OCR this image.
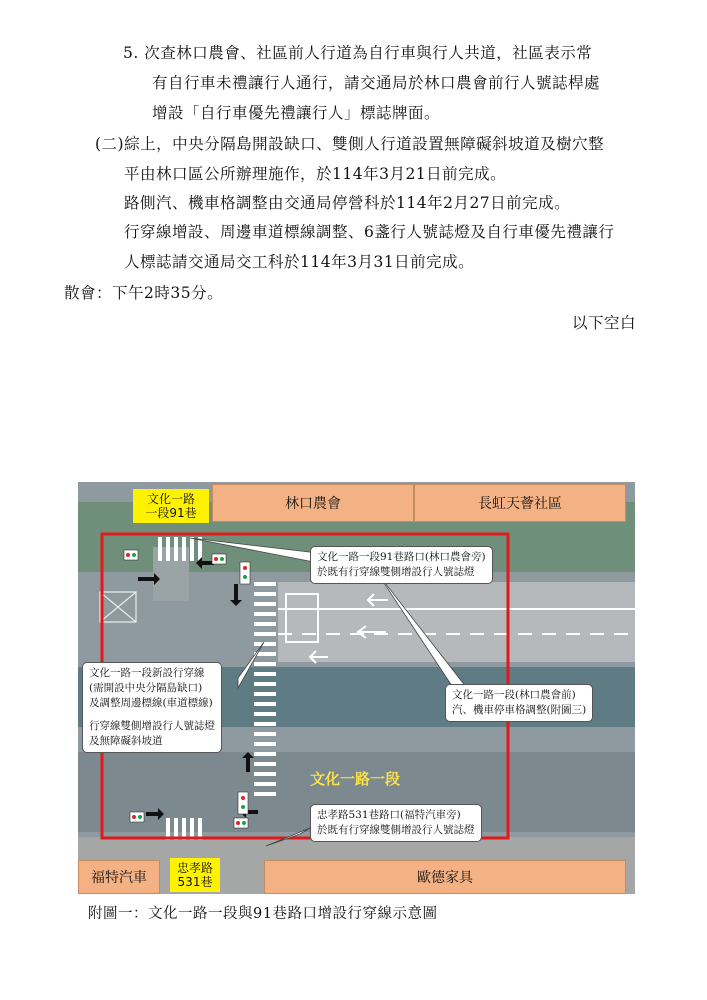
5. 次查林口農會、社區前人行道為自行車與行人共道，社區表示常
有自行車未禮讓行人通行，請交通局於林口農會前行人號誌桿處
增設「自行車優先禮讓行人」標誌牌面。
(二)綜上，中央分隔島開設缺口、雙側人行道設置無障礙斜坡道及樹穴整
平由林口區公所辦理施作，於114年3月21日前完成。
路側汽、機車格調整由交通局停營科於114年2月27日前完成。
行穿線增設、周邊車道標線調整、6盞行人號誌燈及自行車優先禮讓行
人標誌請交通局交工科於114年3月31日前完成。
散會：下午2時35分。
以下空白
文化一路
一段91巷
林口農會	長虹天薈社區
文化一路一段91巷路口(林口農會旁)
於既有行穿線雙側增設行人號誌燈
文化一路一段新設行穿線
(需開設中央分隔島缺口)
及調整周邊標線(車道標線)
行穿線雙側增設行人號誌燈
及無障礙斜坡道
文化一路一段(林口農會前)
汽、機車停車格調整(附圖三)
文化一路一段
忠孝路531巷路口(福特汽車旁)
於既有行穿線雙側增設行人號誌燈
福特汽車
忠孝路
531巷	歐德家具
附圖一：文化一路一段與91巷路口增設行穿線示意圖
